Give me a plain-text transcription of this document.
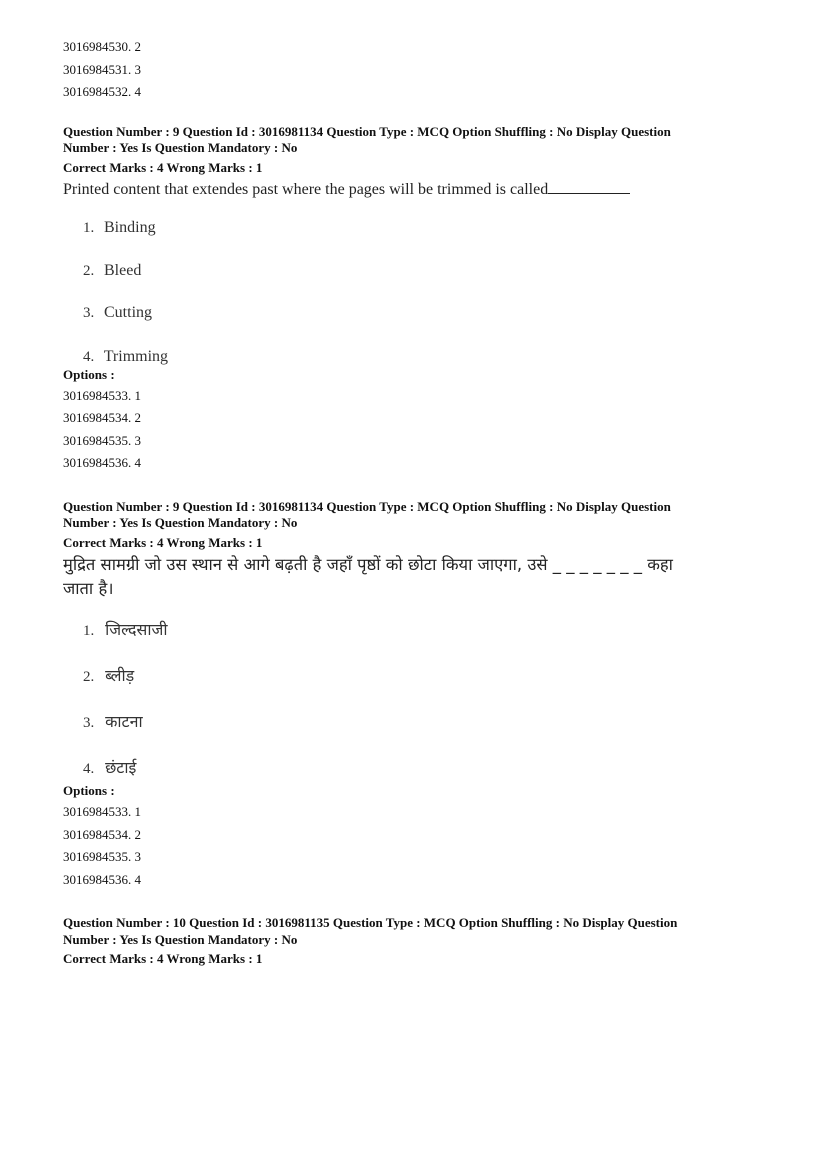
3016984530. 2
3016984531. 3
3016984532. 4
Question Number : 9 Question Id : 3016981134 Question Type : MCQ Option Shuffling : No Display Question
Number : Yes Is Question Mandatory : No
Correct Marks : 4 Wrong Marks : 1
Printed content that extendes past where the pages will be trimmed is called
1. Binding
2. Bleed
3. Cutting
4. Trimming
Options :
3016984533. 1
3016984534. 2
3016984535. 3
3016984536. 4
Question Number : 9 Question Id : 3016981134 Question Type : MCQ Option Shuffling : No Display Question
Number : Yes Is Question Mandatory : No
Correct Marks : 4 Wrong Marks : 1
मुद्रित सामग्री जो उस स्थान से आगे बढ़ती है जहाँ पृष्ठों को छोटा किया जाएगा, उसे _ _ _ _ _ _ _ कहा
जाता है।
1. जिल्दसाजी
2. ब्लीड़
3. काटना
4. छंटाई
Options :
3016984533. 1
3016984534. 2
3016984535. 3
3016984536. 4
Question Number : 10 Question Id : 3016981135 Question Type : MCQ Option Shuffling : No Display Question
Number : Yes Is Question Mandatory : No
Correct Marks : 4 Wrong Marks : 1
